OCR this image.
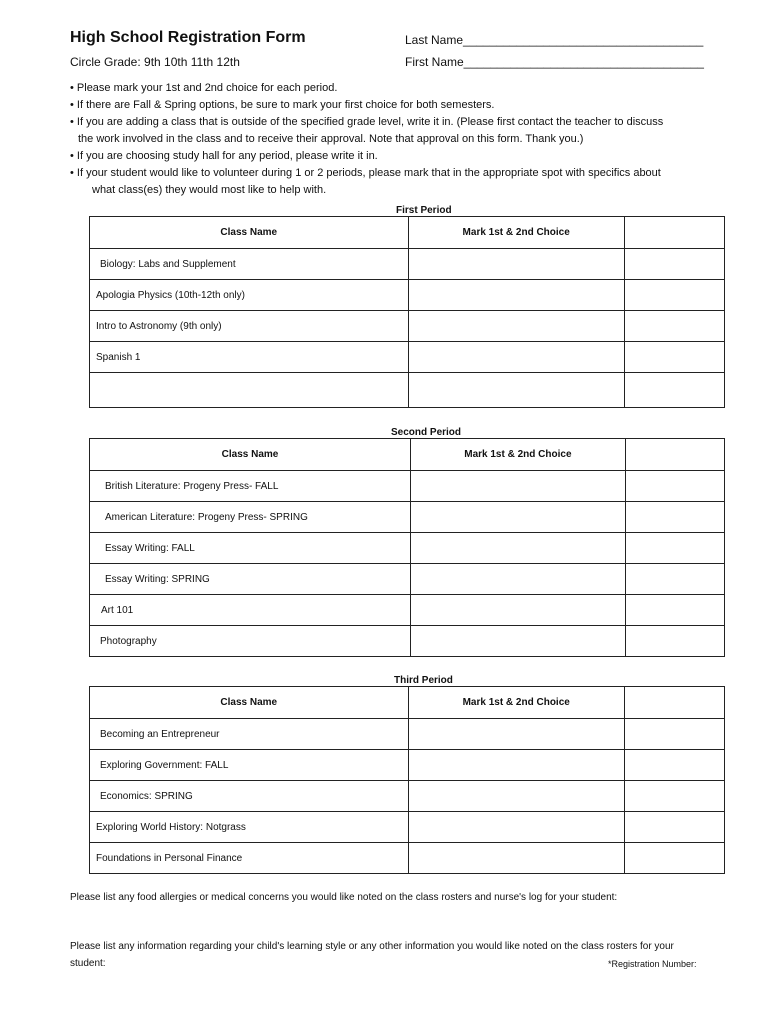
High School Registration Form
Circle Grade: 9th 10th 11th 12th
Last Name____________________________________
First Name____________________________________
• Please mark your 1st and 2nd choice for each period.
• If there are Fall & Spring options, be sure to mark your first choice for both semesters.
• If you are adding a class that is outside of the specified grade level, write it in. (Please first contact the teacher to discuss
the work involved in the class and to receive their approval. Note that approval on this form. Thank you.)
• If you are choosing study hall for any period, please write it in.
• If your student would like to volunteer during 1 or 2 periods, please mark that in the appropriate spot with specifics about
what class(es) they would most like to help with.
First Period
Class Name	Mark 1st & 2nd Choice	
Biology: Labs and Supplement		
Apologia Physics (10th-12th only)		
Intro to Astronomy (9th only)		
Spanish 1		

Second Period
Class Name	Mark 1st & 2nd Choice	
British Literature: Progeny Press- FALL		
American Literature: Progeny Press- SPRING		
Essay Writing: FALL		
Essay Writing: SPRING		
Art 101		
Photography		
Third Period
Class Name	Mark 1st & 2nd Choice	
Becoming an Entrepreneur		
Exploring Government: FALL		
Economics: SPRING		
Exploring World History: Notgrass		
Foundations in Personal Finance		
Please list any food allergies or medical concerns you would like noted on the class rosters and nurse's log for your student:
Please list any information regarding your child's learning style or any other information you would like noted on the class rosters for your
student:	*Registration Number:
